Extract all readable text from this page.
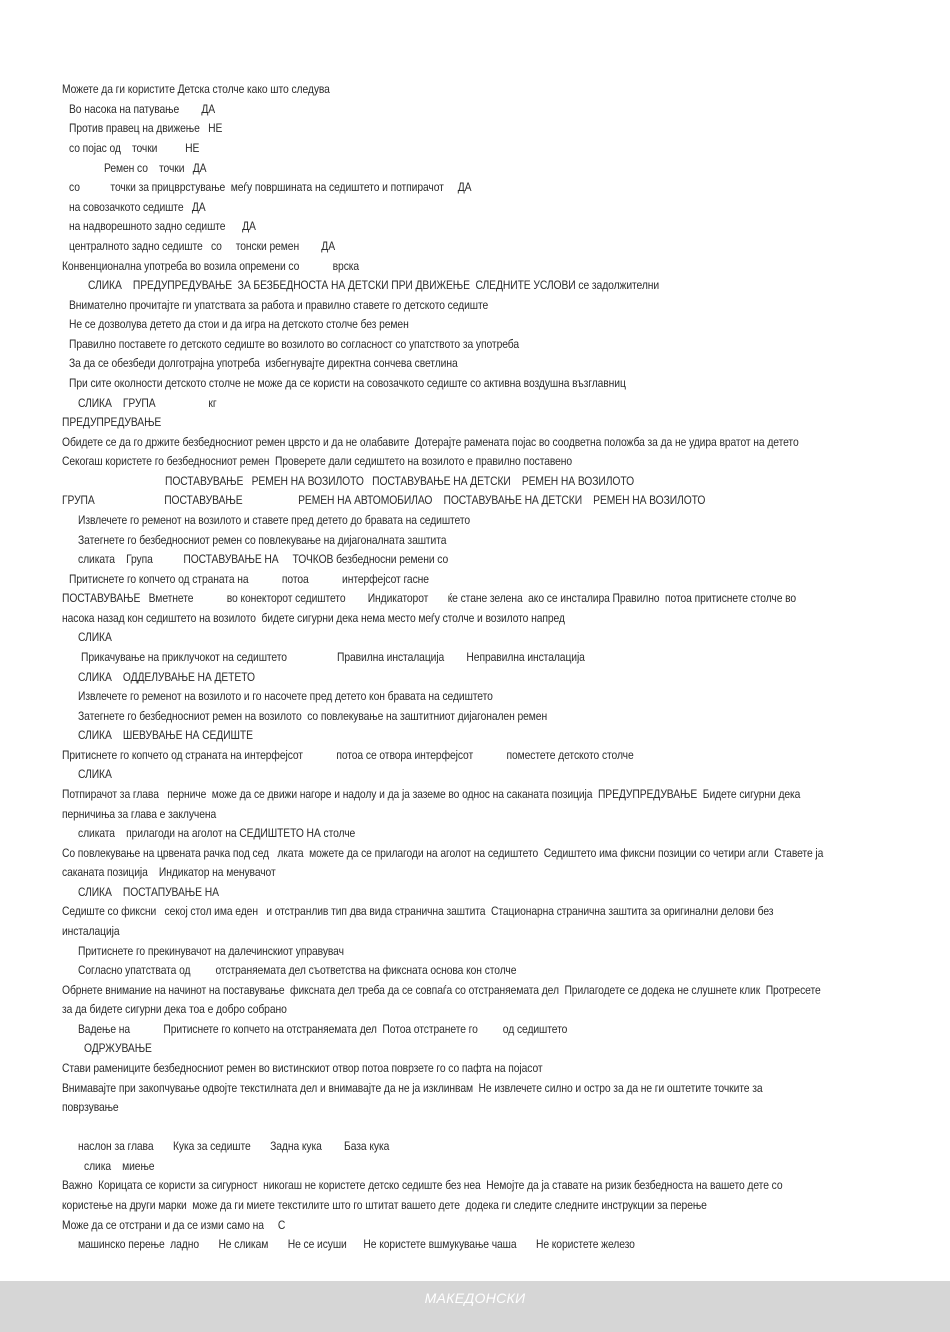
Можете да ги користите Детска столче како што следува
Во насока на патување        ДА
Против правец на движење   НЕ
со појас од    точки          НЕ
Ремен со    точки   ДА
со           точки за прицврстување  меѓу површината на седиштето и потпирачот     ДА
на совозачкото седиште   ДА
на надворешното задно седиште      ДА
централното задно седиште   со     тонски ремен        ДА
Конвенционална употреба во возила опремени со            врска
СЛИКА    ПРЕДУПРЕДУВАЊЕ  ЗА БЕЗБЕДНОСТА НА ДЕТСКИ ПРИ ДВИЖЕЊЕ  СЛЕДНИТЕ УСЛОВИ се задолжителни
Внимателно прочитајте ги упатствата за работа и правилно ставете го детското седиште
Не се дозволува детето да стои и да игра на детското столче без ремен
Правилно поставете го детското седиште во возилото во согласност со упатството за употреба
За да се обезбеди долготрајна употреба  избегнувајте директна сончева светлина
При сите околности детското столче не може да се користи на совозачкото седиште со активна воздушна възглавниц
СЛИКА    ГРУПА                   кг
ПРЕДУПРЕДУВАЊЕ
Обидете се да го држите безбедносниот ремен цврсто и да не олабавите  Дотерајте рамената појас во соодветна положба за да не удира вратот на детето
Секогаш користете го безбедносниот ремен  Проверете дали седиштето на возилото е правилно поставено
ПОСТАВУВАЊЕ   РЕМЕН НА ВОЗИЛОТО   ПОСТАВУВАЊЕ НА ДЕТСКИ    РЕМЕН НА ВОЗИЛОТО
ГРУПА                         ПОСТАВУВАЊЕ                    РЕМЕН НА АВТОМОБИЛАО    ПОСТАВУВАЊЕ НА ДЕТСКИ    РЕМЕН НА ВОЗИЛОТО
Извлечете го ременот на возилото и ставете пред детето до бравата на седиштето
Затегнете го безбедносниот ремен со повлекување на дијагоналната заштита
сликата    Група           ПОСТАВУВАЊЕ НА     ТОЧКОВ безбедносни ремени со
Притиснете го копчето од страната на            потоа            интерфејсот гасне
ПОСТАВУВАЊЕ   Вметнете            во конекторот седиштето        Индикаторот       ќе стане зелена  ако се инсталира Правилно  потоа притиснете столче во
насока назад кон седиштето на возилото  бидете сигурни дека нема место меѓу столче и возилото напред
СЛИКА
Прикачување на приклучокот на седиштето                  Правилна инсталација        Неправилна инсталација
СЛИКА    ОДДЕЛУВАЊЕ НА ДЕТЕТО
Извлечете го ременот на возилото и го насочете пред детето кон бравата на седиштето
Затегнете го безбедносниот ремен на возилото  со повлекување на заштитниот дијагонален ремен
СЛИКА    ШЕВУВАЊЕ НА СЕДИШТЕ
Притиснете го копчето од страната на интерфејсот            потоа се отвора интерфејсот            поместете детското столче
СЛИКА
Потпирачот за глава   перниче  може да се движи нагоре и надолу и да ја заземе во однос на саканата позиција  ПРЕДУПРЕДУВАЊЕ  Бидете сигурни дека
перничиња за глава е заклучена
сликата    прилагоди на аголот на СЕДИШТЕТО НА столче
Со повлекување на црвената рачка под сед   лката  можете да се прилагоди на аголот на седиштето  Седиштето има фиксни позиции со четири агли  Ставете ја
саканата позиција    Индикатор на менувачот
СЛИКА    ПОСТАПУВАЊЕ НА
Седиште со фиксни   секој стол има еден   и отстранлив тип два вида странична заштита  Стационарна странична заштита за оригинални делови без
инсталација
Притиснете го прекинувачот на далечинскиот управувач
Согласно упатствата од         отстраняемата дел съответства на фиксната основа кон столче
Обрнете внимание на начинот на поставување  фиксната дел треба да се совпаѓа со отстраняемата дел  Прилагодете се додека не слушнете клик  Протресете
за да бидете сигурни дека тоа е добро собрано
Вадење на            Притиснете го копчето на отстраняемата дел  Потоа отстранете го         од седиштето
ОДРЖУВАЊЕ
Стави рамениците безбедносниот ремен во вистинскиот отвор потоа поврзете го со пафта на појасот
Внимавајте при закопчување одвојте текстилната дел и внимавајте да не ја изклинвам  Не извлечете силно и остро за да не ги оштетите точките за
поврзување
наслон за глава       Кука за седиште       Задна кука        База кука
слика    миење
Важно  Корицата се користи за сигурност  никогаш не користете детско седиште без неа  Немојте да ја ставате на ризик безбедноста на вашето дете со
користење на други марки  може да ги миете текстилите што го штитат вашето дете  додека ги следите следните инструкции за перење
Може да се отстрани и да се изми само на     С
машинско перење  ладно       Не сликам       Не се исуши      Не користете вшмукување чаша       Не користете железо
МАКЕДОНСКИ
